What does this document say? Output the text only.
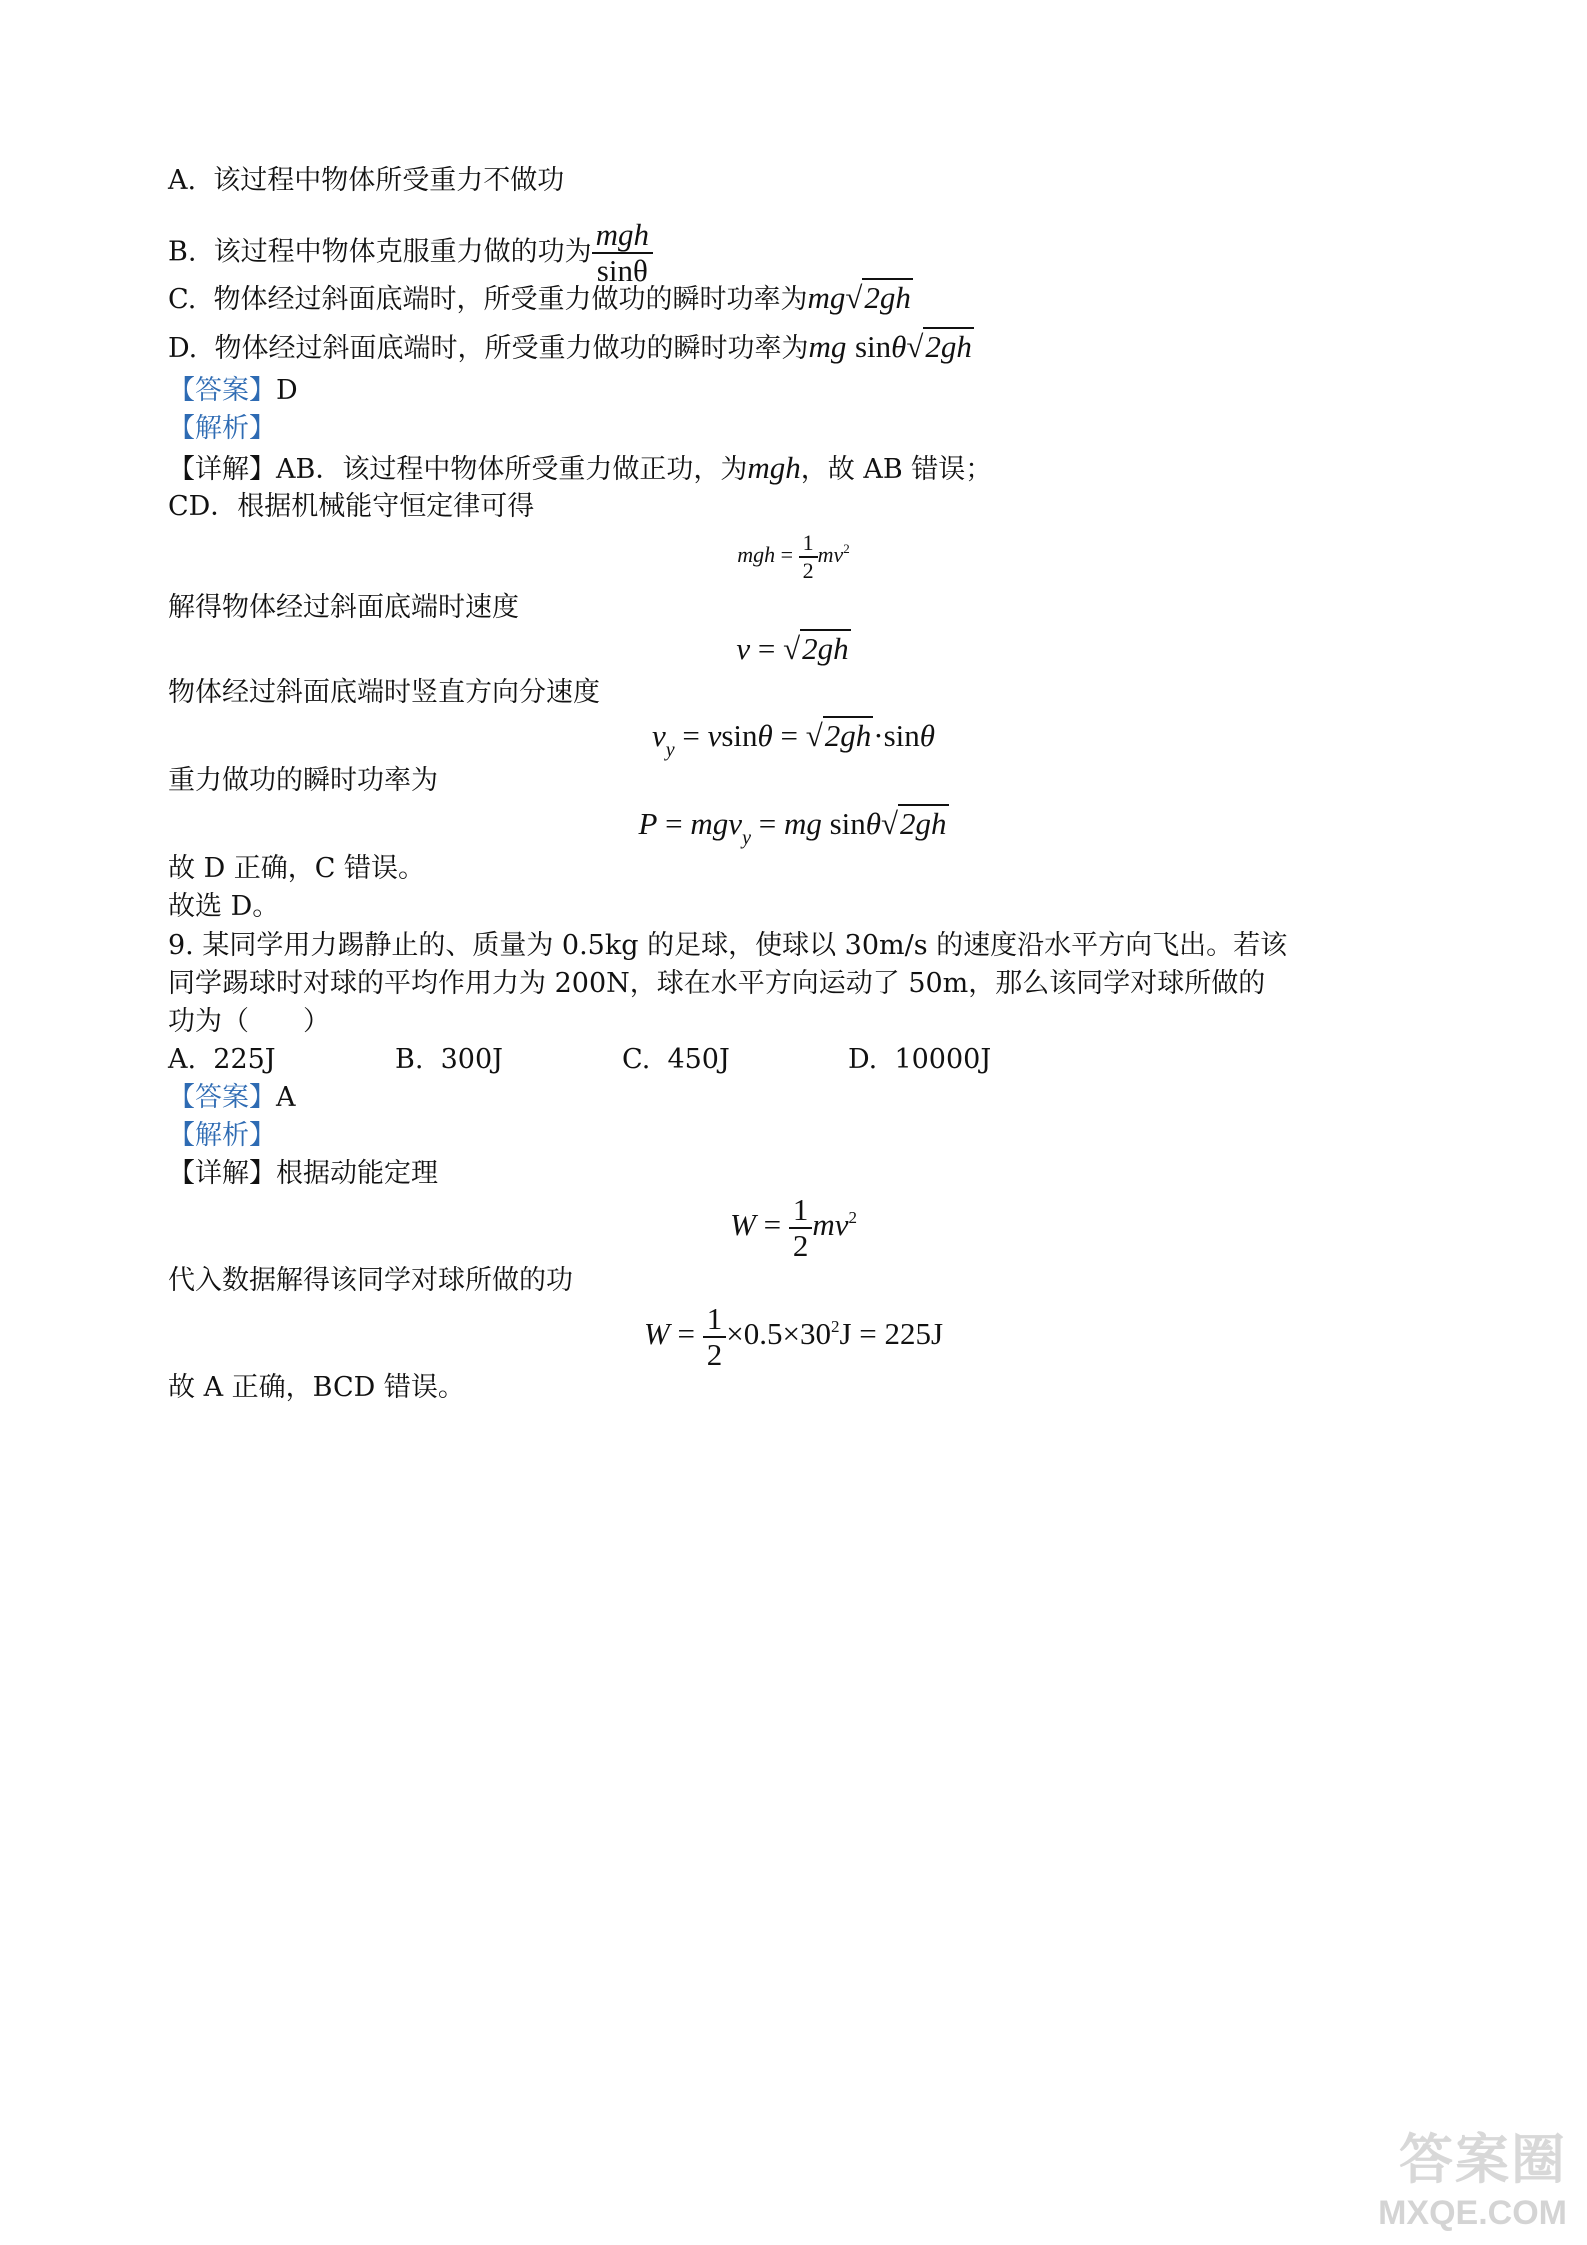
A. 该过程中物体所受重力不做功
B. 该过程中物体克服重力做的功为 $\frac{\text{mgh}}{\sin\theta}$
C. 物体经过斜面底端时，所受重力做功的瞬时功率为mg√2gh
D. 物体经过斜面底端时，所受重力做功的瞬时功率为mg sinθ√2gh
【答案】D
【解析】
【详解】AB．该过程中物体所受重力做正功，为mgh，故 AB 错误；
CD．根据机械能守恒定律可得
mgh = $\frac{1}{2} mv^2$
解得物体经过斜面底端时速度
v = √2gh
物体经过斜面底端时竖直方向分速度
$v_y = vsin\theta = √2gh\cdot\sin\theta$
重力做功的瞬时功率为
P = mgv$_y$ = mg sinθ√2gh
故 D 正确，C 错误。
故选 D。
9. 某同学用力踢静止的、质量为 0.5kg 的足球，使球以 30m/s 的速度沿水平方向飞出。若该
同学踢球时对球的平均作用力为 200N，球在水平方向运动了 50m，那么该同学对球所做的
功为（　　）
A. 225J	B. 300J	C. 450J	D. 10000J
【答案】A
【解析】
【详解】根据动能定理
$W = \frac{1}{2} mv^2$
代入数据解得该同学对球所做的功
$W = \frac{1}{2} \times 0.5\times 30^2J = 225J$
故 A 正确，BCD 错误。
答案圈
MXQE.COM
